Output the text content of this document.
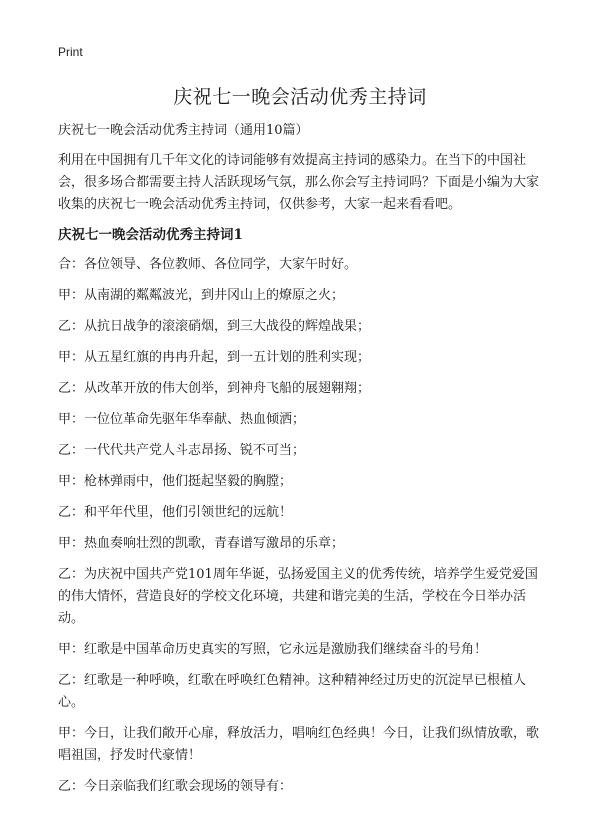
Print
庆祝七一晚会活动优秀主持词

庆祝七一晚会活动优秀主持词（通用10篇）

利用在中国拥有几千年文化的诗词能够有效提高主持词的感染力。在当下的中国社会，很多场合都需要主持人活跃现场气氛，那么你会写主持词吗？下面是小编为大家收集的庆祝七一晚会活动优秀主持词，仅供参考，大家一起来看看吧。

庆祝七一晚会活动优秀主持词1

合：各位领导、各位教师、各位同学，大家午时好。

甲：从南湖的粼粼波光，到井冈山上的燎原之火；

乙：从抗日战争的滚滚硝烟，到三大战役的辉煌战果；

甲：从五星红旗的冉冉升起，到一五计划的胜利实现；

乙：从改革开放的伟大创举，到神舟飞船的展翅翱翔；

甲：一位位革命先驱年华奉献、热血倾洒；

乙：一代代共产党人斗志昂扬、锐不可当；

甲：枪林弹雨中，他们挺起坚毅的胸膛；

乙：和平年代里，他们引领世纪的远航！

甲：热血奏响壮烈的凯歌，青春谱写激昂的乐章；

乙：为庆祝中国共产党101周年华诞，弘扬爱国主义的优秀传统，培养学生爱党爱国的伟大情怀，营造良好的学校文化环境，共建和谐完美的生活，学校在今日举办活动。

甲：红歌是中国革命历史真实的写照，它永远是激励我们继续奋斗的号角！

乙：红歌是一种呼唤，红歌在呼唤红色精神。这种精神经过历史的沉淀早已根植人心。

甲：今日，让我们敞开心扉，释放活力，唱响红色经典！今日，让我们纵情放歌，歌唱祖国，抒发时代豪情！

乙：今日亲临我们红歌会现场的领导有：
